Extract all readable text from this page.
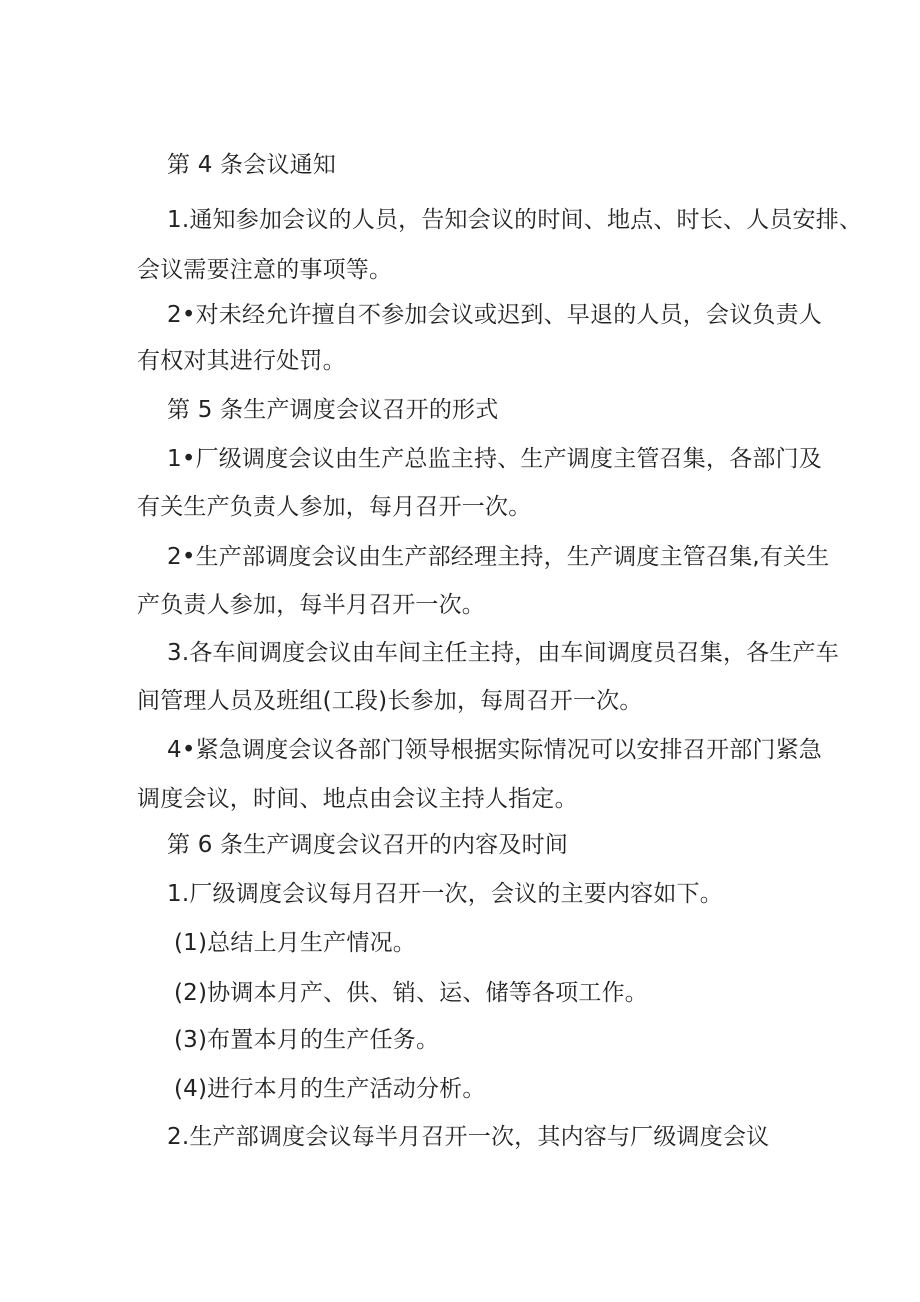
第 4 条会议通知
1.通知参加会议的人员，告知会议的时间、地点、时长、人员安排、
会议需要注意的事项等。
2•对未经允许擅自不参加会议或迟到、早退的人员，会议负责人
有权对其进行处罚。
第 5 条生产调度会议召开的形式
1•厂级调度会议由生产总监主持、生产调度主管召集，各部门及
有关生产负责人参加，每月召开一次。
2•生产部调度会议由生产部经理主持，生产调度主管召集,有关生
产负责人参加，每半月召开一次。
3.各车间调度会议由车间主任主持，由车间调度员召集，各生产车
间管理人员及班组(工段)长参加，每周召开一次。
4•紧急调度会议各部门领导根据实际情况可以安排召开部门紧急
调度会议，时间、地点由会议主持人指定。
第 6 条生产调度会议召开的内容及时间
1.厂级调度会议每月召开一次，会议的主要内容如下。
(1)总结上月生产情况。
(2)协调本月产、供、销、运、储等各项工作。
(3)布置本月的生产任务。
(4)进行本月的生产活动分析。
2.生产部调度会议每半月召开一次，其内容与厂级调度会议
